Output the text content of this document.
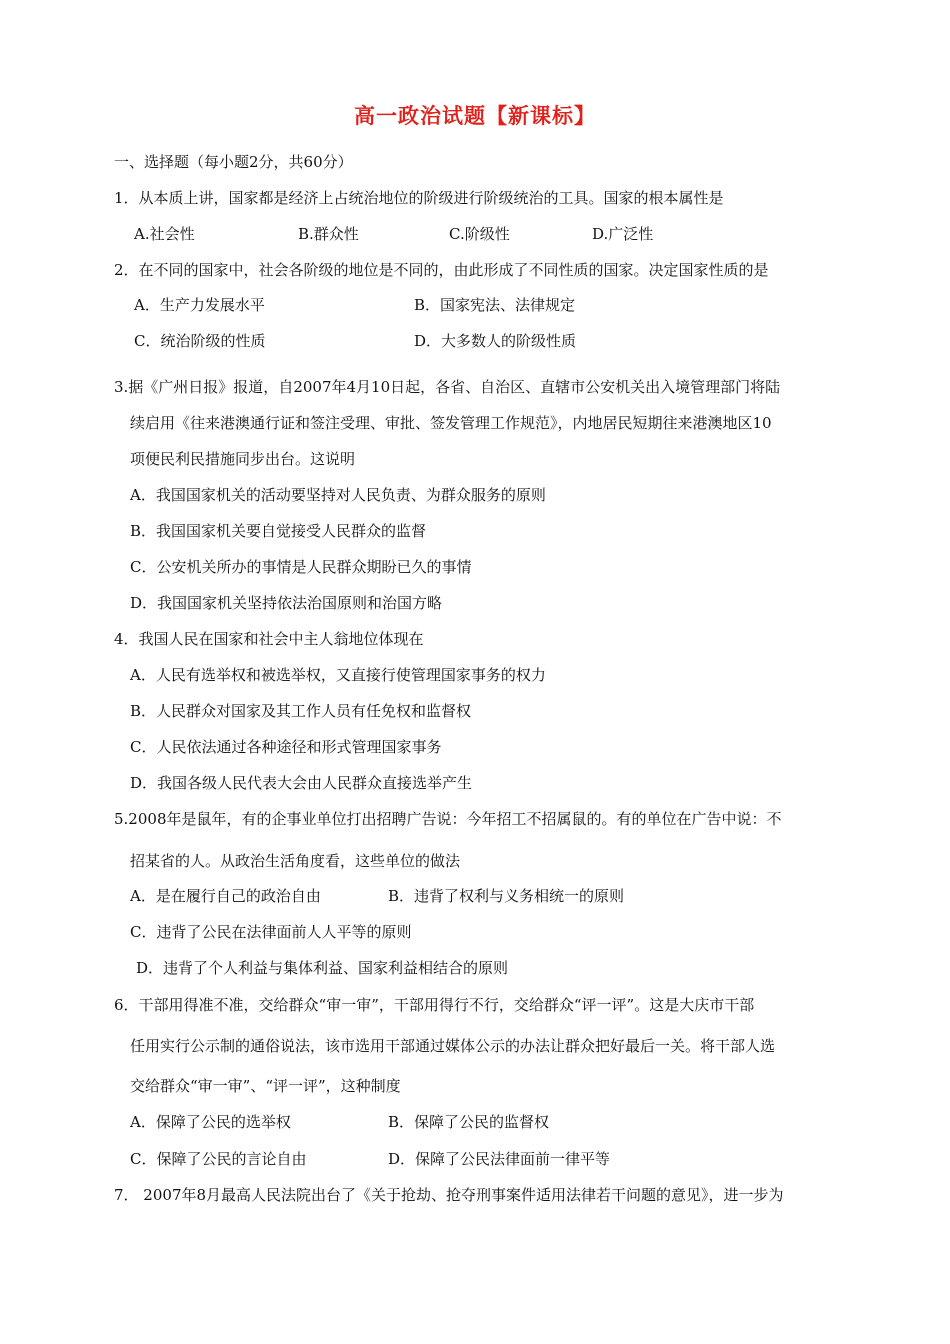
高一政治试题【新课标】
一、选择题（每小题2分，共60分）
1．从本质上讲，国家都是经济上占统治地位的阶级进行阶级统治的工具。国家的根本属性是
A.社会性	B.群众性	C.阶级性	D.广泛性
2．在不同的国家中，社会各阶级的地位是不同的，由此形成了不同性质的国家。决定国家性质的是
A．生产力发展水平	B．国家宪法、法律规定
C．统治阶级的性质	D．大多数人的阶级性质
3.据《广州日报》报道，自2007年4月10日起，各省、自治区、直辖市公安机关出入境管理部门将陆
续启用《往来港澳通行证和签注受理、审批、签发管理工作规范》，内地居民短期往来港澳地区10
项便民利民措施同步出台。这说明
A．我国国家机关的活动要坚持对人民负责、为群众服务的原则
B．我国国家机关要自觉接受人民群众的监督
C．公安机关所办的事情是人民群众期盼已久的事情
D．我国国家机关坚持依法治国原则和治国方略
4．我国人民在国家和社会中主人翁地位体现在
A．人民有选举权和被选举权，又直接行使管理国家事务的权力
B．人民群众对国家及其工作人员有任免权和监督权
C．人民依法通过各种途径和形式管理国家事务
D．我国各级人民代表大会由人民群众直接选举产生
5.2008年是鼠年，有的企事业单位打出招聘广告说：今年招工不招属鼠的。有的单位在广告中说：不
招某省的人。从政治生活角度看，这些单位的做法
A．是在履行自己的政治自由	B．违背了权利与义务相统一的原则
C．违背了公民在法律面前人人平等的原则
D．违背了个人利益与集体利益、国家利益相结合的原则
6．干部用得准不准，交给群众“审一审”，干部用得行不行，交给群众“评一评”。这是大庆市干部
任用实行公示制的通俗说法，该市选用干部通过媒体公示的办法让群众把好最后一关。将干部人选
交给群众“审一审”、“评一评”，这种制度
A．保障了公民的选举权	B．保障了公民的监督权
C．保障了公民的言论自由	D．保障了公民法律面前一律平等
7． 2007年8月最高人民法院出台了《关于抢劫、抢夺刑事案件适用法律若干问题的意见》，进一步为
